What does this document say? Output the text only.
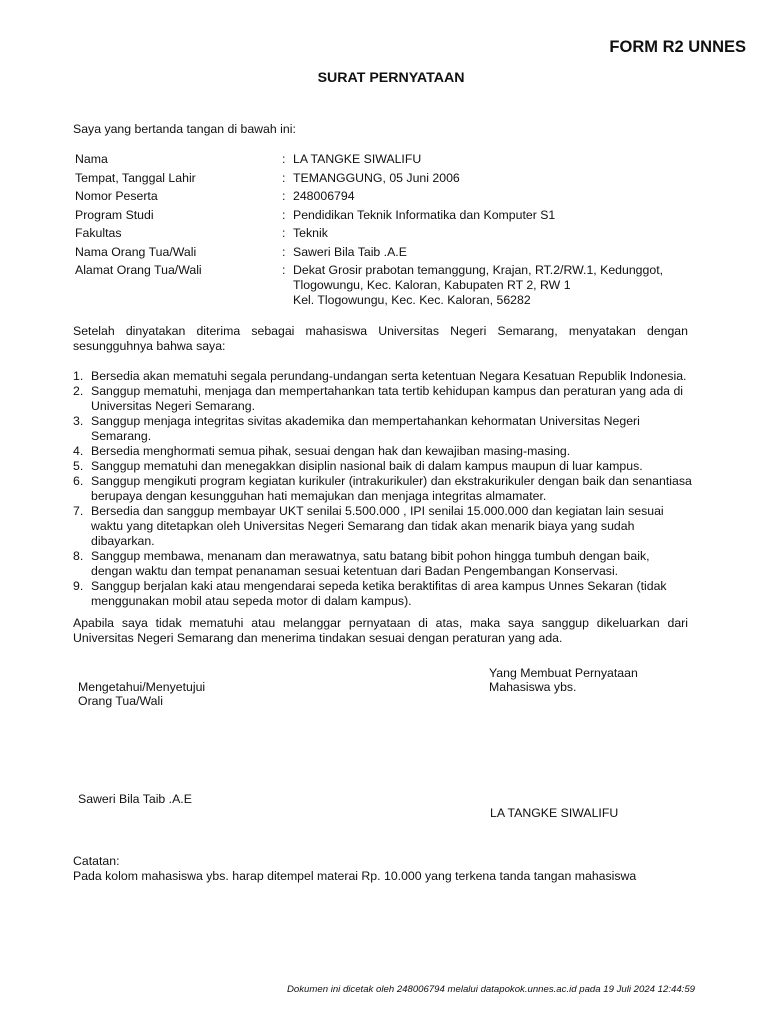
FORM R2 UNNES
SURAT PERNYATAAN
Saya yang bertanda tangan di bawah ini:
Nama	: LA TANGKE SIWALIFU
Tempat, Tanggal Lahir	: TEMANGGUNG, 05 Juni 2006
Nomor Peserta	: 248006794
Program Studi	: Pendidikan Teknik Informatika dan Komputer S1
Fakultas	: Teknik
Nama Orang Tua/Wali	: Saweri Bila Taib .A.E
Alamat Orang Tua/Wali	: Dekat Grosir prabotan temanggung, Krajan, RT.2/RW.1, Kedunggot, Tlogowungu, Kec. Kaloran, Kabupaten RT 2, RW 1
Kel. Tlogowungu, Kec. Kec. Kaloran, 56282
Setelah dinyatakan diterima sebagai mahasiswa Universitas Negeri Semarang, menyatakan dengan sesungguhnya bahwa saya:
1. Bersedia akan mematuhi segala perundang-undangan serta ketentuan Negara Kesatuan Republik Indonesia.
2. Sanggup mematuhi, menjaga dan mempertahankan tata tertib kehidupan kampus dan peraturan yang ada di Universitas Negeri Semarang.
3. Sanggup menjaga integritas sivitas akademika dan mempertahankan kehormatan Universitas Negeri Semarang.
4. Bersedia menghormati semua pihak, sesuai dengan hak dan kewajiban masing-masing.
5. Sanggup mematuhi dan menegakkan disiplin nasional baik di dalam kampus maupun di luar kampus.
6. Sanggup mengikuti program kegiatan kurikuler (intrakurikuler) dan ekstrakurikuler dengan baik dan senantiasa berupaya dengan kesungguhan hati memajukan dan menjaga integritas almamater.
7. Bersedia dan sanggup membayar UKT senilai 5.500.000 , IPI senilai 15.000.000 dan kegiatan lain sesuai waktu yang ditetapkan oleh Universitas Negeri Semarang dan tidak akan menarik biaya yang sudah dibayarkan.
8. Sanggup membawa, menanam dan merawatnya, satu batang bibit pohon hingga tumbuh dengan baik, dengan waktu dan tempat penanaman sesuai ketentuan dari Badan Pengembangan Konservasi.
9. Sanggup berjalan kaki atau mengendarai sepeda ketika beraktifitas di area kampus Unnes Sekaran (tidak menggunakan mobil atau sepeda motor di dalam kampus).
Apabila saya tidak mematuhi atau melanggar pernyataan di atas, maka saya sanggup dikeluarkan dari Universitas Negeri Semarang dan menerima tindakan sesuai dengan peraturan yang ada.
Mengetahui/Menyetujui
Orang Tua/Wali
Yang Membuat Pernyataan
Mahasiswa ybs.
Saweri Bila Taib .A.E
LA TANGKE SIWALIFU
Catatan:
Pada kolom mahasiswa ybs. harap ditempel materai Rp. 10.000 yang terkena tanda tangan mahasiswa
Dokumen ini dicetak oleh 248006794 melalui datapokok.unnes.ac.id pada 19 Juli 2024 12:44:59
